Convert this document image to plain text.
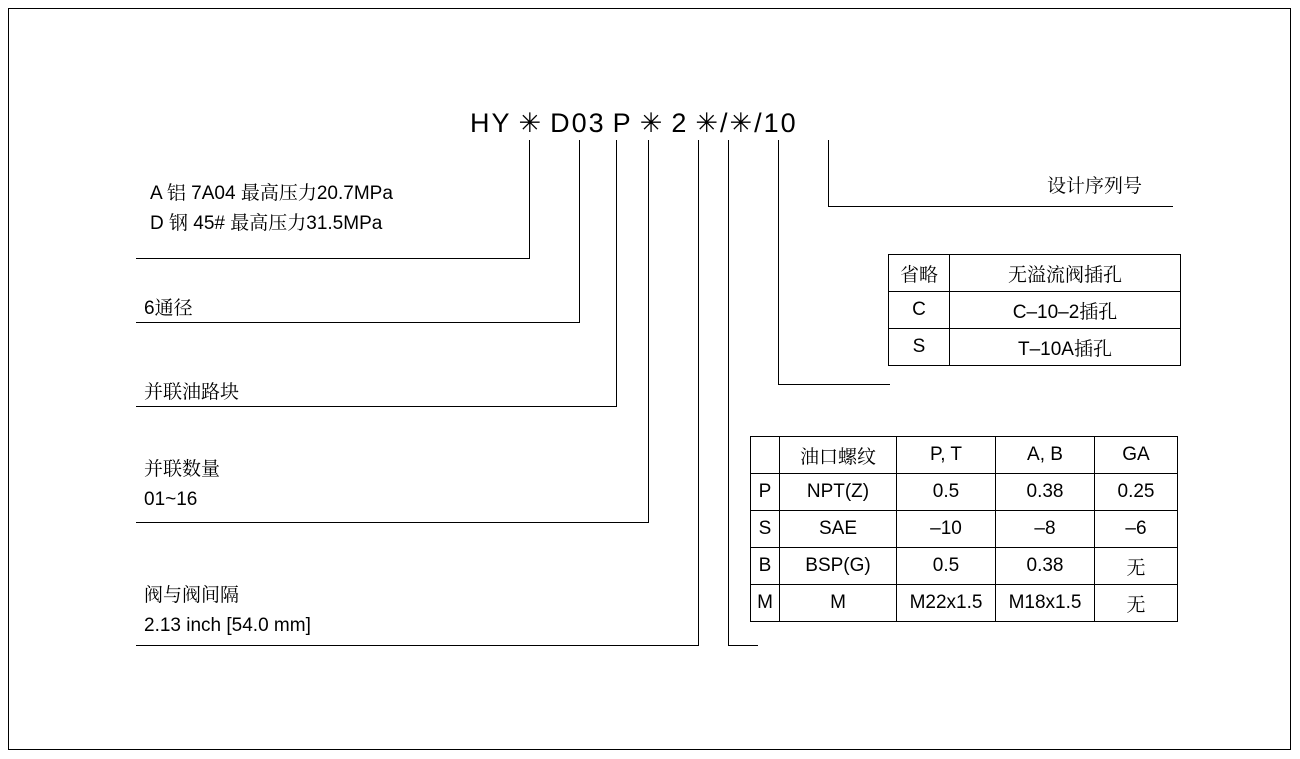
HY ✳ D03 P ✳ 2 ✳/✳/10
A 铝 7A04 最高压力20.7MPa
D 钢 45# 最高压力31.5MPa
6通径
并联油路块
并联数量
01~16
阀与阀间隔
2.13 inch [54.0 mm]
设计序列号
省略	无溢流阀插孔
C	C–10–2插孔
S	T–10A插孔
	油口螺纹	P, T	A, B	GA
P	NPT(Z)	0.5	0.38	0.25
S	SAE	–10	–8	–6
B	BSP(G)	0.5	0.38	无
M	M	M22x1.5	M18x1.5	无
